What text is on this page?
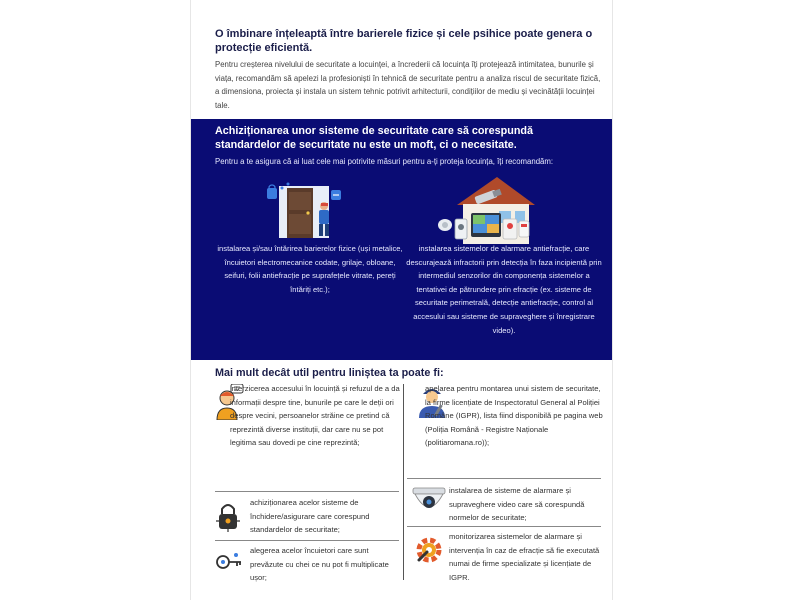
O îmbinare înțeleaptă între barierele fizice și cele psihice poate genera o protecție eficientă.
Pentru creșterea nivelului de securitate a locuinței, a încrederii că locuința îți protejează intimitatea, bunurile și viața, recomandăm să apelezi la profesioniști în tehnică de securitate pentru a analiza riscul de securitate fizică, a dimensiona, proiecta și instala un sistem tehnic potrivit arhitecturii, condițiilor de mediu și vecinătății locuinței tale.
Achiziționarea unor sisteme de securitate care să corespundă standardelor de securitate nu este un moft, ci o necesitate.
Pentru a te asigura că ai luat cele mai potrivite măsuri pentru a-ți proteja locuința, îți recomandăm:
instalarea și/sau întărirea barierelor fizice (uși metalice, încuietori electromecanice codate, grilaje, obloane, seifuri, folii antiefracție pe suprafețele vitrate, pereți întăriți etc.);
instalarea sistemelor de alarmare antiefracție, care descurajează infractorii prin detecția în faza incipientă prin intermediul senzorilor din componența sistemelor a tentativei de pătrundere prin efracție (ex. sisteme de securitate perimetrală, detecție antiefracție, control al accesului sau sisteme de supraveghere și înregistrare video).
Mai mult decât util pentru liniștea ta poate fi:
interzicerea accesului în locuință și refuzul de a da informații despre tine, bunurile pe care le deții ori despre vecini, persoanelor străine ce pretind că reprezintă diverse instituții, dar care nu se pot legitima sau dovedi pe cine reprezintă;
achiziționarea acelor sisteme de închidere/asigurare care corespund standardelor de securitate;
alegerea acelor încuietori care sunt prevăzute cu chei ce nu pot fi multiplicate ușor;
apelarea pentru montarea unui sistem de securitate, la firme licențiate de Inspectoratul General al Poliției Române (IGPR), lista fiind disponibilă pe pagina web (Poliția Română - Registre Naționale (politiaromana.ro));
instalarea de sisteme de alarmare și supraveghere video care să corespundă normelor de securitate;
monitorizarea sistemelor de alarmare și intervenția în caz de efracție să fie executată numai de firme specializate și licențiate de IGPR.
